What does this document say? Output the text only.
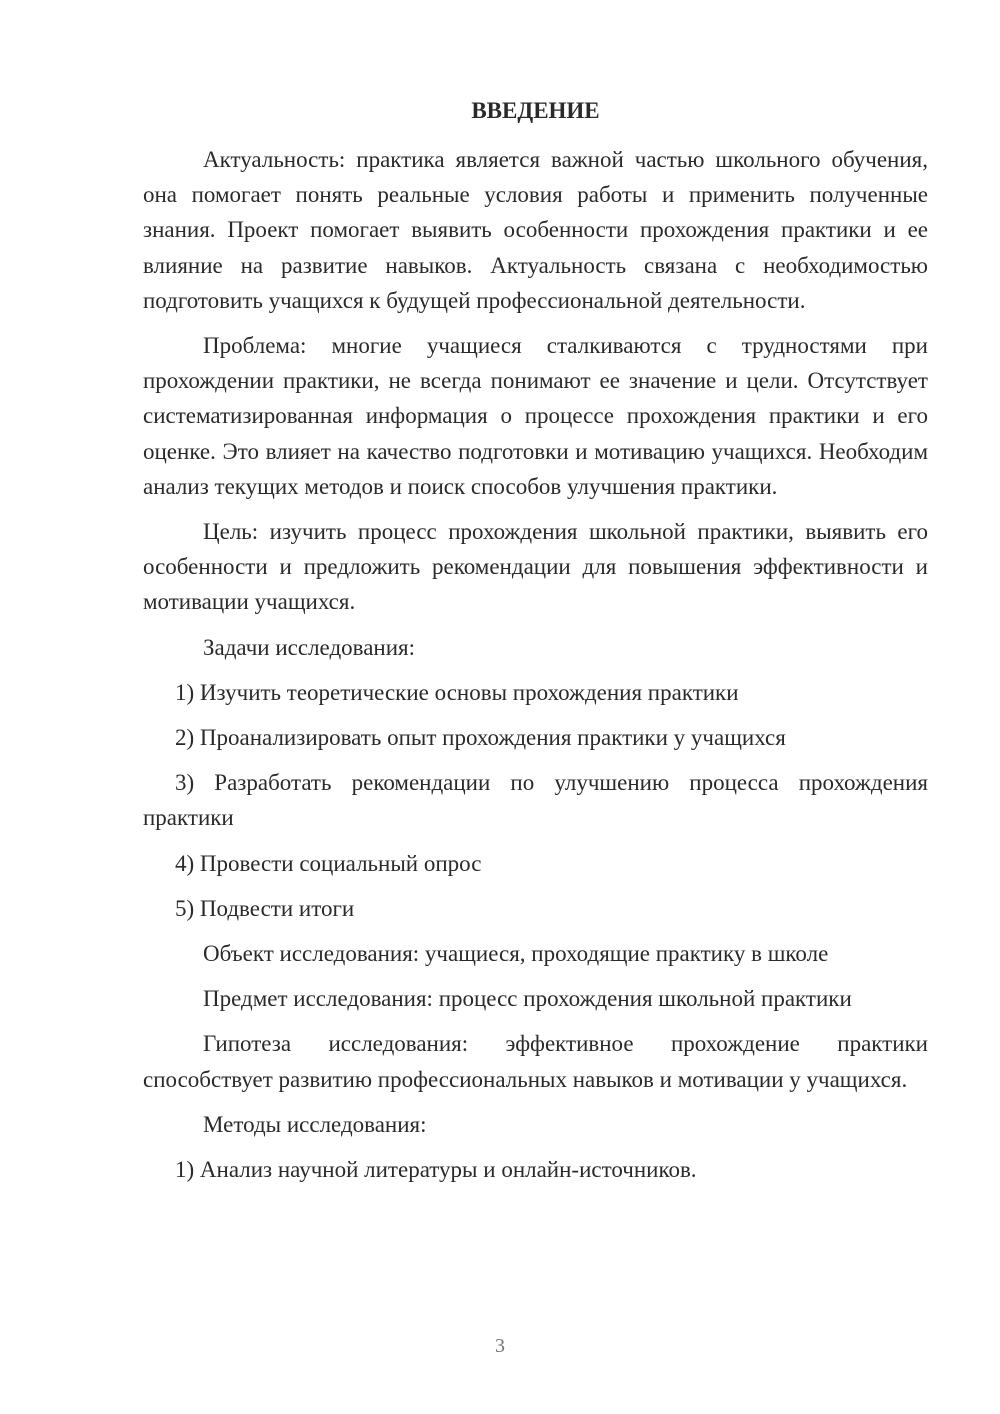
ВВЕДЕНИЕ

Актуальность: практика является важной частью школьного обучения, она помогает понять реальные условия работы и применить полученные знания. Проект помогает выявить особенности прохождения практики и ее влияние на развитие навыков. Актуальность связана с необходимостью подготовить учащихся к будущей профессиональной деятельности.

Проблема: многие учащиеся сталкиваются с трудностями при прохождении практики, не всегда понимают ее значение и цели. Отсутствует систематизированная информация о процессе прохождения практики и его оценке. Это влияет на качество подготовки и мотивацию учащихся. Необходим анализ текущих методов и поиск способов улучшения практики.

Цель: изучить процесс прохождения школьной практики, выявить его особенности и предложить рекомендации для повышения эффективности и мотивации учащихся.

Задачи исследования:

1) Изучить теоретические основы прохождения практики

2) Проанализировать опыт прохождения практики у учащихся

3) Разработать рекомендации по улучшению процесса прохождения практики

4) Провести социальный опрос

5) Подвести итоги

Объект исследования: учащиеся, проходящие практику в школе

Предмет исследования: процесс прохождения школьной практики

Гипотеза исследования: эффективное прохождение практики способствует развитию профессиональных навыков и мотивации у учащихся.

Методы исследования:

1) Анализ научной литературы и онлайн-источников.

3
